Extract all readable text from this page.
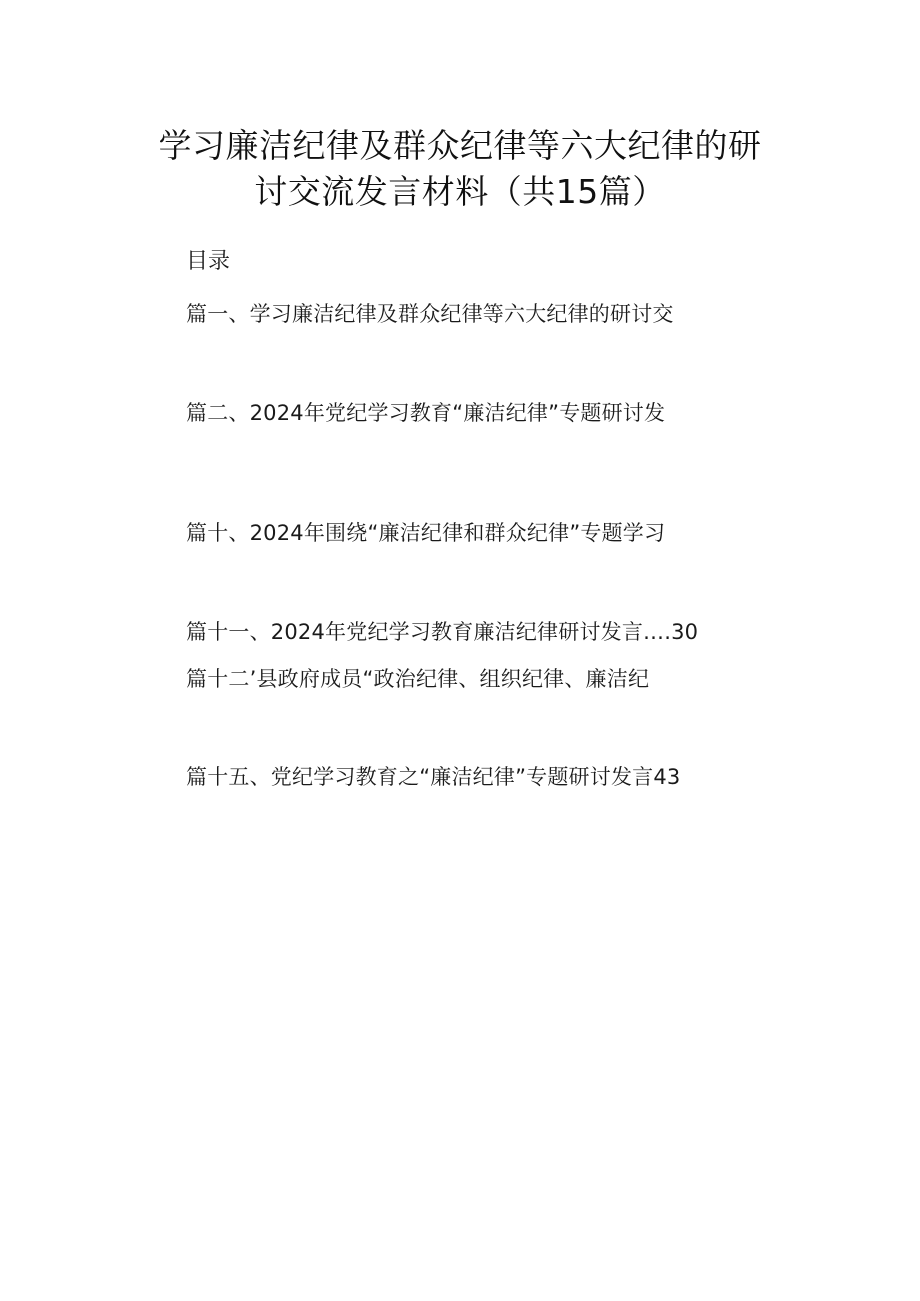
学习廉洁纪律及群众纪律等六大纪律的研
讨交流发言材料（共15篇）
目录
篇一、学习廉洁纪律及群众纪律等六大纪律的研讨交
篇二、2024年党纪学习教育“廉洁纪律”专题研讨发
篇十、2024年围绕“廉洁纪律和群众纪律”专题学习
篇十一、2024年党纪学习教育廉洁纪律研讨发言….30
篇十二’县政府成员“政治纪律、组织纪律、廉洁纪
篇十五、党纪学习教育之“廉洁纪律”专题研讨发言43
